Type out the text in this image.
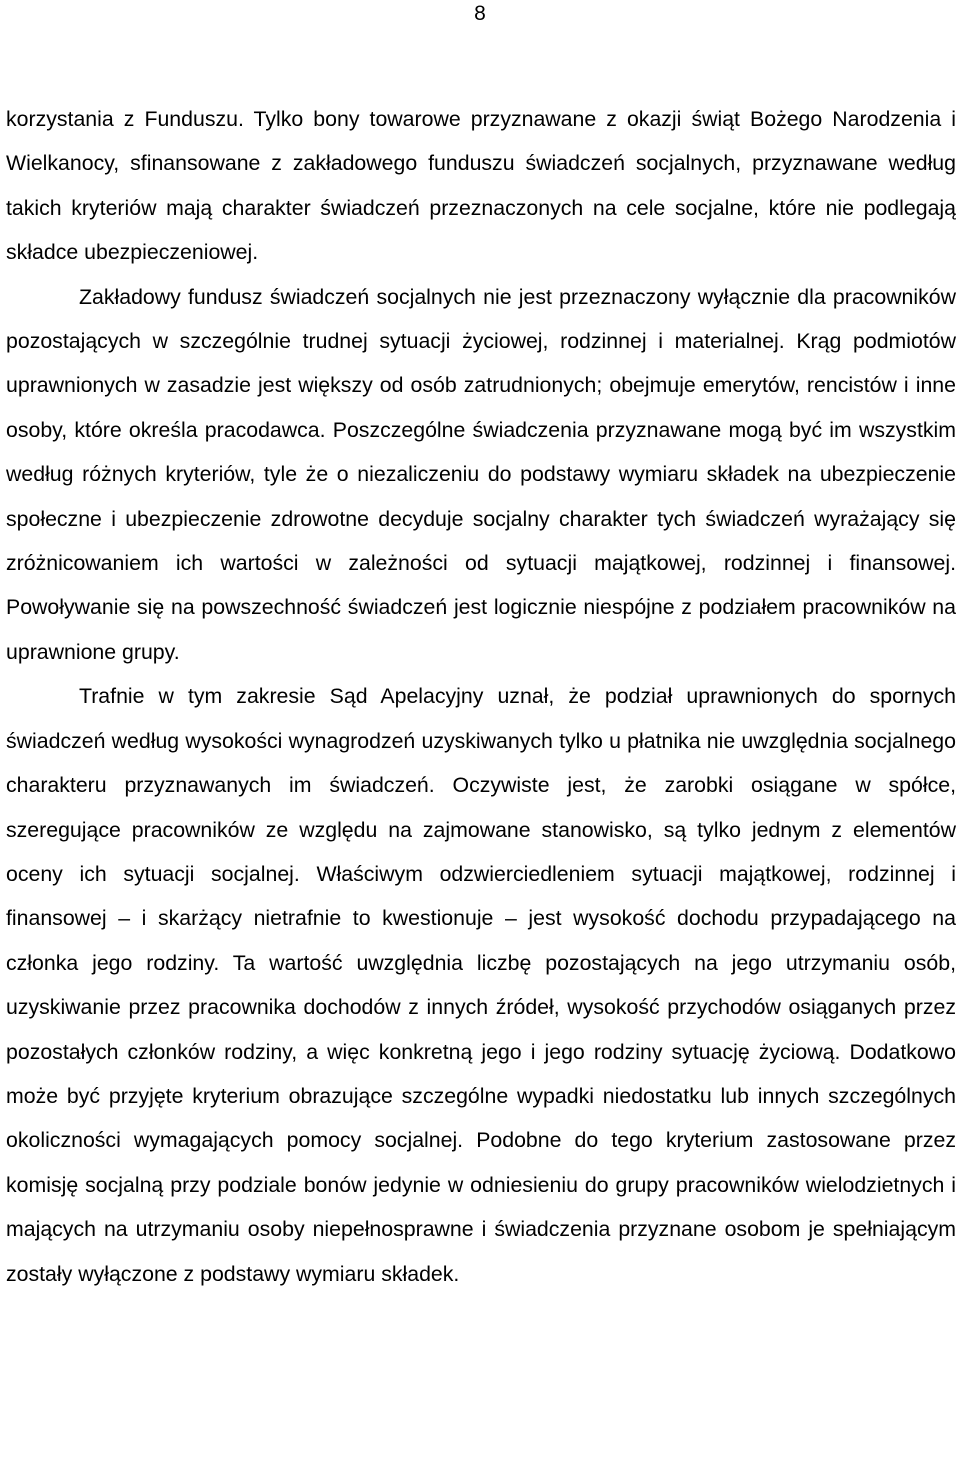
8

korzystania z Funduszu. Tylko bony towarowe przyznawane z okazji świąt Bożego Narodzenia i Wielkanocy, sfinansowane z zakładowego funduszu świadczeń socjalnych, przyznawane według takich kryteriów mają charakter świadczeń przeznaczonych na cele socjalne, które nie podlegają składce ubezpieczeniowej.

Zakładowy fundusz świadczeń socjalnych nie jest przeznaczony wyłącznie dla pracowników pozostających w szczególnie trudnej sytuacji życiowej, rodzinnej i materialnej. Krąg podmiotów uprawnionych w zasadzie jest większy od osób zatrudnionych; obejmuje emerytów, rencistów i inne osoby, które określa pracodawca. Poszczególne świadczenia przyznawane mogą być im wszystkim według różnych kryteriów, tyle że o niezaliczeniu do podstawy wymiaru składek na ubezpieczenie społeczne i ubezpieczenie zdrowotne decyduje socjalny charakter tych świadczeń wyrażający się zróżnicowaniem ich wartości w zależności od sytuacji majątkowej, rodzinnej i finansowej. Powoływanie się na powszechność świadczeń jest logicznie niespójne z podziałem pracowników na uprawnione grupy.

Trafnie w tym zakresie Sąd Apelacyjny uznał, że podział uprawnionych do spornych świadczeń według wysokości wynagrodzeń uzyskiwanych tylko u płatnika nie uwzględnia socjalnego charakteru przyznawanych im świadczeń. Oczywiste jest, że zarobki osiągane w spółce, szeregujące pracowników ze względu na zajmowane stanowisko, są tylko jednym z elementów oceny ich sytuacji socjalnej. Właściwym odzwierciedleniem sytuacji majątkowej, rodzinnej i finansowej – i skarżący nietrafnie to kwestionuje – jest wysokość dochodu przypadającego na członka jego rodziny. Ta wartość uwzględnia liczbę pozostających na jego utrzymaniu osób, uzyskiwanie przez pracownika dochodów z innych źródeł, wysokość przychodów osiąganych przez pozostałych członków rodziny, a więc konkretną jego i jego rodziny sytuację życiową. Dodatkowo może być przyjęte kryterium obrazujące szczególne wypadki niedostatku lub innych szczególnych okoliczności wymagających pomocy socjalnej. Podobne do tego kryterium zastosowane przez komisję socjalną przy podziale bonów jedynie w odniesieniu do grupy pracowników wielodzietnych i mających na utrzymaniu osoby niepełnosprawne i świadczenia przyznane osobom je spełniającym zostały wyłączone z podstawy wymiaru składek.
